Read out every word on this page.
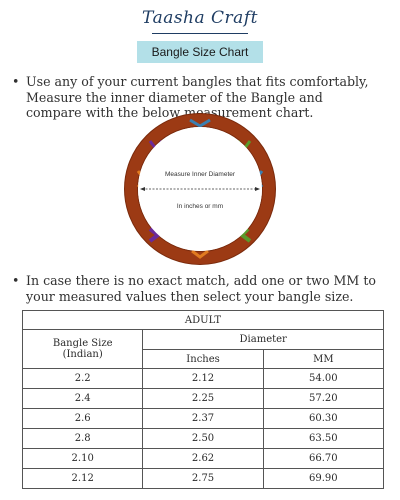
Taasha Craft
Bangle Size Chart
• Use any of your current bangles that fits comfortably, Measure the inner diameter of the Bangle and compare with the below measurement chart.
Measure Inner Diameter
In inches or mm
• In case there is no exact match, add one or two MM to your measured values then select your bangle size.
ADULT		

Bangle Size
(Indian)	Diameter	
	Inches	MM
2.2	2.12	54.00
2.4	2.25	57.20
2.6	2.37	60.30
2.8	2.50	63.50
2.10	2.62	66.70
2.12	2.75	69.90
